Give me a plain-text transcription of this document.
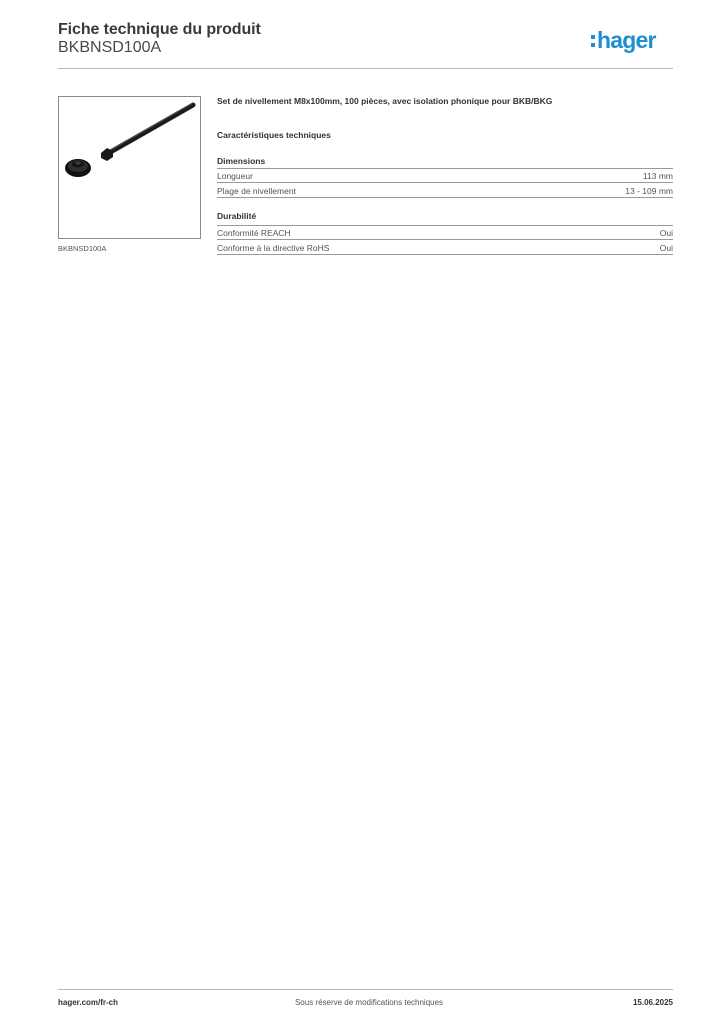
Fiche technique du produit
BKBNSD100A	hager
BKBNSD100A
Set de nivellement M8x100mm, 100 pièces, avec isolation phonique pour BKB/BKG
Caractéristiques techniques
Dimensions
Longueur	113 mm
Plage de nivellement	13 - 109 mm
Durabilité
Conformité REACH	Oui
Conforme à la directive RoHS	Oui
hager.com/fr-ch	Sous réserve de modifications techniques	15.06.2025
